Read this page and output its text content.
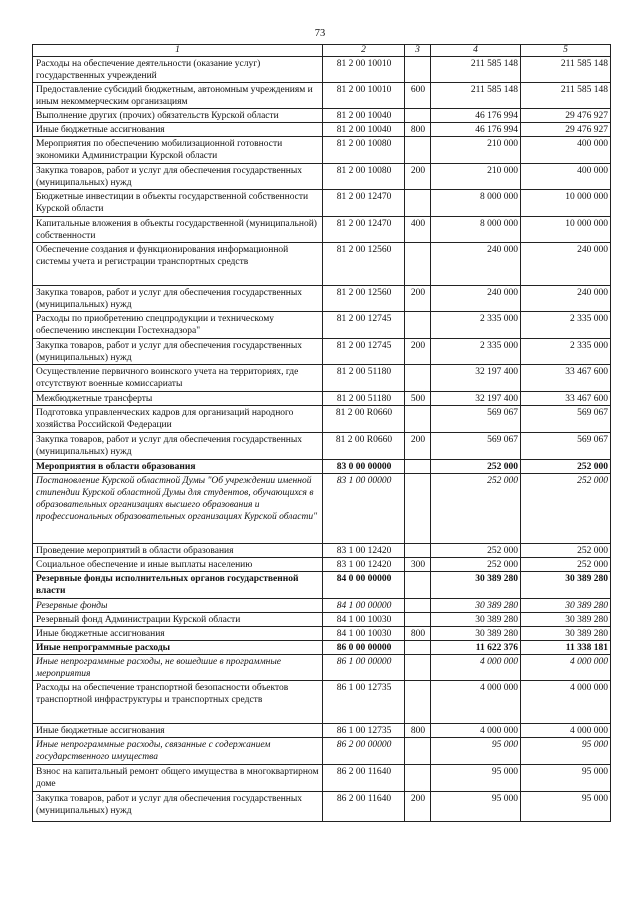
73
1	2	3	4	5
Расходы на обеспечение деятельности (оказание услуг) государственных учреждений	81 2 00 10010		211 585 148	211 585 148
Предоставление субсидий бюджетным, автономным учреждениям и иным некоммерческим организациям	81 2 00 10010	600	211 585 148	211 585 148
Выполнение других (прочих) обязательств Курской области	81 2 00 10040		46 176 994	29 476 927
Иные бюджетные ассигнования	81 2 00 10040	800	46 176 994	29 476 927
Мероприятия по обеспечению мобилизационной готовности экономики Администрации Курской области	81 2 00 10080		210 000	400 000
Закупка товаров, работ и услуг для обеспечения государственных (муниципальных) нужд	81 2 00 10080	200	210 000	400 000
Бюджетные инвестиции в объекты государственной собственности Курской области	81 2 00 12470		8 000 000	10 000 000
Капитальные вложения в объекты государственной (муниципальной) собственности	81 2 00 12470	400	8 000 000	10 000 000
Обеспечение создания и функционирования информационной системы учета и регистрации транспортных средств	81 2 00 12560		240 000	240 000
Закупка товаров, работ и услуг для обеспечения государственных (муниципальных) нужд	81 2 00 12560	200	240 000	240 000
Расходы по приобретению спецпродукции и техническому обеспечению инспекции Гостехнадзора"	81 2 00 12745		2 335 000	2 335 000
Закупка товаров, работ и услуг для обеспечения государственных (муниципальных) нужд	81 2 00 12745	200	2 335 000	2 335 000
Осуществление первичного воинского учета на территориях, где отсутствуют военные комиссариаты	81 2 00 51180		32 197 400	33 467 600
Межбюджетные трансферты	81 2 00 51180	500	32 197 400	33 467 600
Подготовка управленческих кадров для организаций народного хозяйства Российской Федерации	81 2 00 R0660		569 067	569 067
Закупка товаров, работ и услуг для обеспечения государственных (муниципальных) нужд	81 2 00 R0660	200	569 067	569 067
Мероприятия в области образования	83 0 00 00000		252 000	252 000
Постановление Курской областной Думы "Об учреждении именной стипендии Курской областной Думы для студентов, обучающихся в образовательных организациях высшего образования и профессиональных образовательных организациях Курской области"	83 1 00 00000		252 000	252 000
Проведение мероприятий в области образования	83 1 00 12420		252 000	252 000
Социальное обеспечение и иные выплаты населению	83 1 00 12420	300	252 000	252 000
Резервные фонды исполнительных органов государственной власти	84 0 00 00000		30 389 280	30 389 280
Резервные фонды	84 1 00 00000		30 389 280	30 389 280
Резервный фонд Администрации Курской области	84 1 00 10030		30 389 280	30 389 280
Иные бюджетные ассигнования	84 1 00 10030	800	30 389 280	30 389 280
Иные непрограммные расходы	86 0 00 00000		11 622 376	11 338 181
Иные непрограммные расходы, не вошедшие в программные мероприятия	86 1 00 00000		4 000 000	4 000 000
Расходы на обеспечение транспортной безопасности объектов транспортной инфраструктуры и транспортных средств	86 1 00 12735		4 000 000	4 000 000
Иные бюджетные ассигнования	86 1 00 12735	800	4 000 000	4 000 000
Иные непрограммные расходы, связанные с содержанием государственного имущества	86 2 00 00000		95 000	95 000
Взнос на капитальный ремонт общего имущества в многоквартирном доме	86 2 00 11640		95 000	95 000
Закупка товаров, работ и услуг для обеспечения государственных (муниципальных) нужд	86 2 00 11640	200	95 000	95 000
